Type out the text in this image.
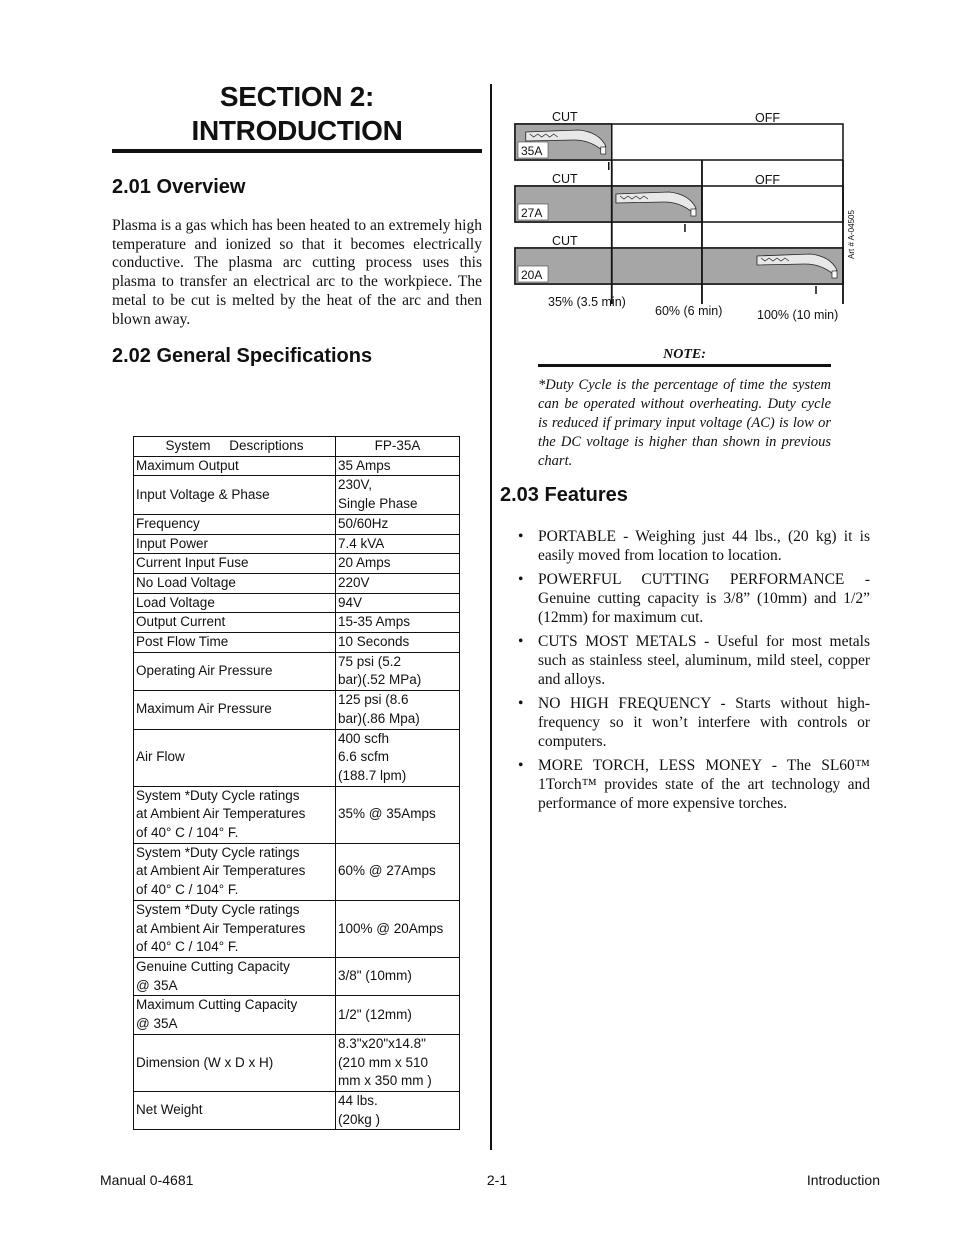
SECTION 2:
INTRODUCTION
2.01 Overview
Plasma is a gas which has been heated to an extremely high temperature and ionized so that it becomes electrically conductive. The plasma arc cutting process uses this plasma to transfer an electrical arc to the workpiece. The metal to be cut is melted by the heat of the arc and then blown away.
2.02 General Specifications
System     Descriptions	FP-35A
Maximum Output	35 Amps
Input Voltage & Phase	230V,
Single Phase
Frequency	50/60Hz
Input Power	7.4 kVA
Current Input Fuse	20 Amps
No Load Voltage	220V
Load Voltage	94V
Output Current	15-35 Amps
Post Flow Time	10 Seconds
Operating Air Pressure	75 psi (5.2
bar)(.52 MPa)
Maximum Air Pressure	125 psi (8.6
bar)(.86 Mpa)
Air Flow	400 scfh
6.6 scfm
(188.7 lpm)
System *Duty Cycle ratings
at Ambient Air Temperatures
of 40° C / 104° F.	35% @ 35Amps
System *Duty Cycle ratings
at Ambient Air Temperatures
of 40° C / 104° F.	60% @ 27Amps
System *Duty Cycle ratings
at Ambient Air Temperatures
of 40° C / 104° F.	100% @ 20Amps
Genuine Cutting Capacity
@ 35A	3/8" (10mm)
Maximum Cutting Capacity
@ 35A	1/2" (12mm)
Dimension (W x D x H)	8.3"x20"x14.8"
(210 mm x 510
mm x 350 mm )
Net Weight	44 lbs.
(20kg )
35A
CUT	OFF
27A
CUT	OFF
20A
CUT
35% (3.5 min)
60% (6 min)	100% (10 min)
Art # A-04505
NOTE:
*Duty Cycle is the percentage of time the system can be operated without overheating. Duty cycle is reduced if primary input voltage (AC) is low or the DC voltage is higher than shown in previous chart.
2.03 Features
• PORTABLE - Weighing just 44 lbs., (20 kg) it is easily moved from location to location.
• POWERFUL CUTTING PERFORMANCE - Genuine cutting capacity is 3/8” (10mm) and 1/2” (12mm) for maximum cut.
• CUTS MOST METALS - Useful for most metals such as stainless steel, aluminum, mild steel, copper and alloys.
• NO HIGH FREQUENCY - Starts without high-frequency so it won’t interfere with controls or computers.
• MORE TORCH, LESS MONEY - The SL60™ 1Torch™ provides state of the art technology and performance of more expensive torches.
Manual 0-4681	2-1	Introduction
